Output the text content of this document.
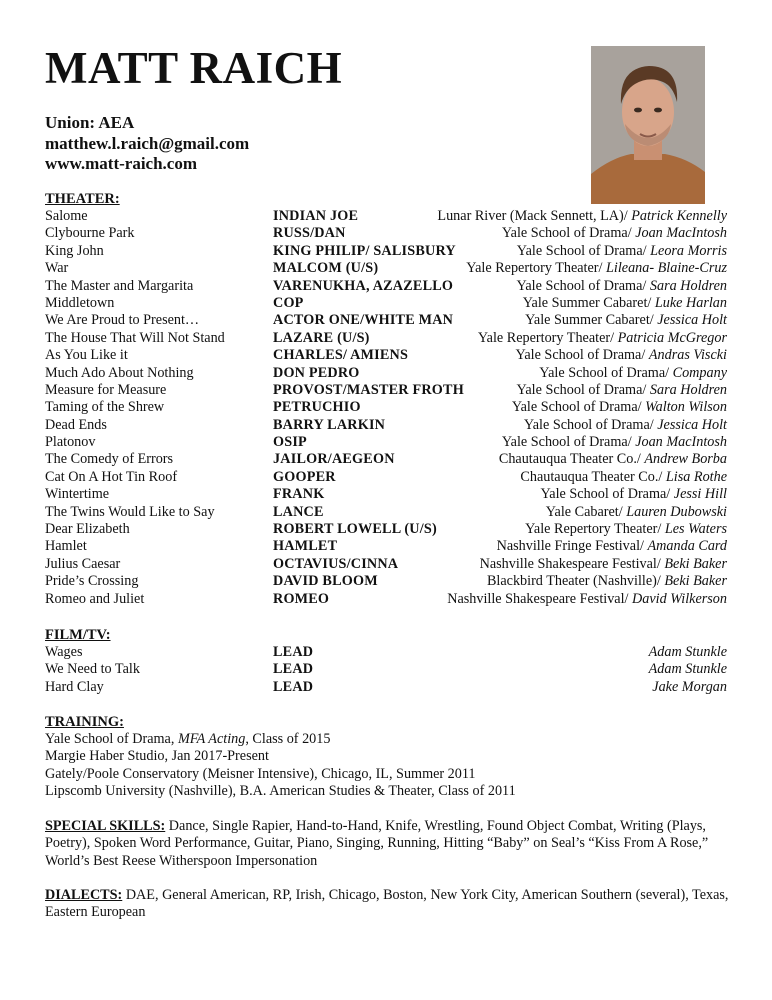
MATT RAICH
Union: AEA
matthew.l.raich@gmail.com
www.matt-raich.com
THEATER:
Salome	INDIAN JOE	Lunar River (Mack Sennett, LA)/ Patrick Kennelly
Clybourne Park	RUSS/DAN	Yale School of Drama/ Joan MacIntosh
King John	KING PHILIP/ SALISBURY	Yale School of Drama/ Leora Morris
War	MALCOM (U/S)	Yale Repertory Theater/ Lileana- Blaine-Cruz
The Master and Margarita	VARENUKHA, AZAZELLO	Yale School of Drama/ Sara Holdren
Middletown	COP	Yale Summer Cabaret/ Luke Harlan
We Are Proud to Present…	ACTOR ONE/WHITE MAN	Yale Summer Cabaret/ Jessica Holt
The House That Will Not Stand	LAZARE (U/S)	Yale Repertory Theater/ Patricia McGregor
As You Like it	CHARLES/ AMIENS	Yale School of Drama/ Andras Viscki
Much Ado About Nothing	DON PEDRO	Yale School of Drama/ Company
Measure for Measure	PROVOST/MASTER FROTH	Yale School of Drama/ Sara Holdren
Taming of the Shrew	PETRUCHIO	Yale School of Drama/ Walton Wilson
Dead Ends	BARRY LARKIN	Yale School of Drama/ Jessica Holt
Platonov	OSIP	Yale School of Drama/ Joan MacIntosh
The Comedy of Errors	JAILOR/AEGEON	Chautauqua Theater Co./ Andrew Borba
Cat On A Hot Tin Roof	GOOPER	Chautauqua Theater Co./ Lisa Rothe
Wintertime	FRANK	Yale School of Drama/ Jessi Hill
The Twins Would Like to Say	LANCE	Yale Cabaret/ Lauren Dubowski
Dear Elizabeth	ROBERT LOWELL (U/S)	Yale Repertory Theater/ Les Waters
Hamlet	HAMLET	Nashville Fringe Festival/ Amanda Card
Julius Caesar	OCTAVIUS/CINNA	Nashville Shakespeare Festival/ Beki Baker
Pride’s Crossing	DAVID BLOOM	Blackbird Theater (Nashville)/ Beki Baker
Romeo and Juliet	ROMEO	Nashville Shakespeare Festival/ David Wilkerson
FILM/TV:
Wages	LEAD	Adam Stunkle
We Need to Talk	LEAD	Adam Stunkle
Hard Clay	LEAD	Jake Morgan
TRAINING:
Yale School of Drama, MFA Acting, Class of 2015
Margie Haber Studio, Jan 2017-Present
Gately/Poole Conservatory (Meisner Intensive), Chicago, IL, Summer 2011
Lipscomb University (Nashville), B.A. American Studies & Theater, Class of 2011
SPECIAL SKILLS: Dance, Single Rapier, Hand-to-Hand, Knife, Wrestling, Found Object Combat, Writing (Plays, Poetry), Spoken Word Performance, Guitar, Piano, Singing, Running, Hitting “Baby” on Seal’s “Kiss From A Rose,” World’s Best Reese Witherspoon Impersonation
DIALECTS: DAE, General American, RP, Irish, Chicago, Boston, New York City, American Southern (several), Texas, Eastern European
